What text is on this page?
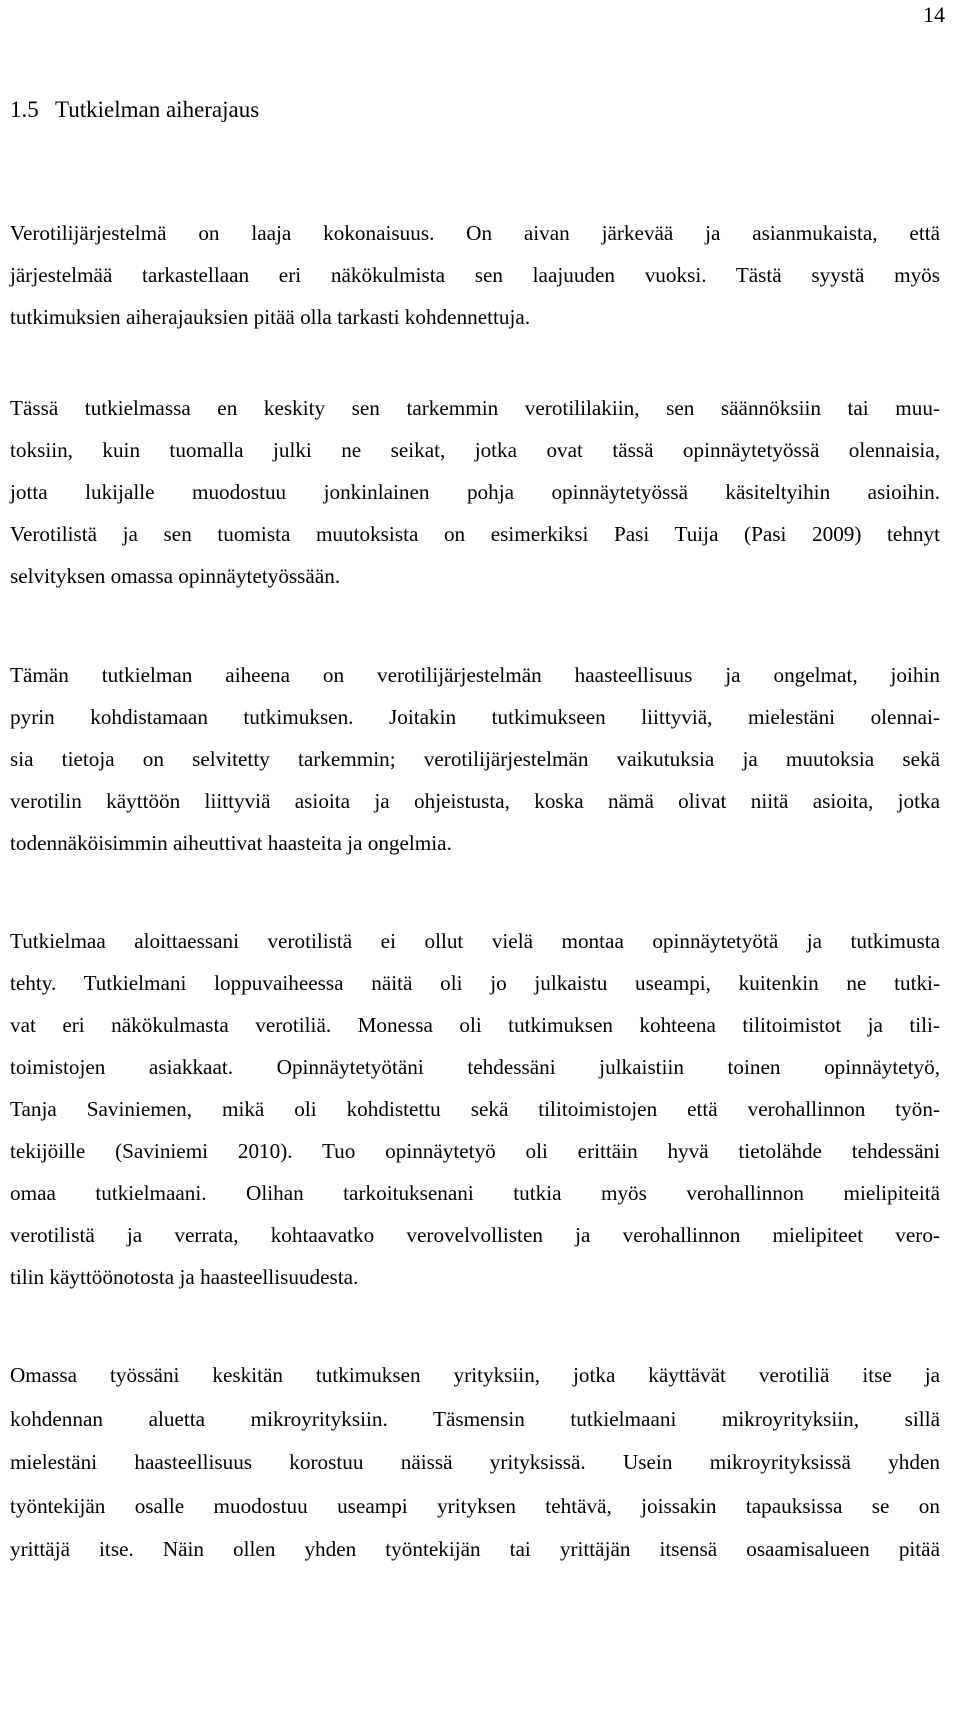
14
1.5 Tutkielman aiherajaus
Verotilijärjestelmä on laaja kokonaisuus. On aivan järkevää ja asianmukaista, että
järjestelmää tarkastellaan eri näkökulmista sen laajuuden vuoksi. Tästä syystä myös
tutkimuksien aiherajauksien pitää olla tarkasti kohdennettuja.
Tässä tutkielmassa en keskity sen tarkemmin verotililakiin, sen säännöksiin tai muu-
toksiin, kuin tuomalla julki ne seikat, jotka ovat tässä opinnäytetyössä olennaisia,
jotta lukijalle muodostuu jonkinlainen pohja opinnäytetyössä käsiteltyihin asioihin.
Verotilistä ja sen tuomista muutoksista on esimerkiksi Pasi Tuija (Pasi 2009) tehnyt
selvityksen omassa opinnäytetyössään.
Tämän tutkielman aiheena on verotilijärjestelmän haasteellisuus ja ongelmat, joihin
pyrin kohdistamaan tutkimuksen. Joitakin tutkimukseen liittyviä, mielestäni olennai-
sia tietoja on selvitetty tarkemmin; verotilijärjestelmän vaikutuksia ja muutoksia sekä
verotilin käyttöön liittyviä asioita ja ohjeistusta, koska nämä olivat niitä asioita, jotka
todennäköisimmin aiheuttivat haasteita ja ongelmia.
Tutkielmaa aloittaessani verotilistä ei ollut vielä montaa opinnäytetyötä ja tutkimusta
tehty. Tutkielmani loppuvaiheessa näitä oli jo julkaistu useampi, kuitenkin ne tutki-
vat eri näkökulmasta verotiliä. Monessa oli tutkimuksen kohteena tilitoimistot ja tili-
toimistojen asiakkaat. Opinnäytetyötäni tehdessäni julkaistiin toinen opinnäytetyö,
Tanja Saviniemen, mikä oli kohdistettu sekä tilitoimistojen että verohallinnon työn-
tekijöille (Saviniemi 2010). Tuo opinnäytetyö oli erittäin hyvä tietolähde tehdessäni
omaa tutkielmaani. Olihan tarkoituksenani tutkia myös verohallinnon mielipiteitä
verotilistä ja verrata, kohtaavatko verovelvollisten ja verohallinnon mielipiteet vero-
tilin käyttöönotosta ja haasteellisuudesta.
Omassa työssäni keskitän tutkimuksen yrityksiin, jotka käyttävät verotiliä itse ja
kohdennan aluetta mikroyrityksiin. Täsmensin tutkielmaani mikroyrityksiin, sillä
mielestäni haasteellisuus korostuu näissä yrityksissä. Usein mikroyrityksissä yhden
työntekijän osalle muodostuu useampi yrityksen tehtävä, joissakin tapauksissa se on
yrittäjä itse. Näin ollen yhden työntekijän tai yrittäjän itsensä osaamisalueen pitää
